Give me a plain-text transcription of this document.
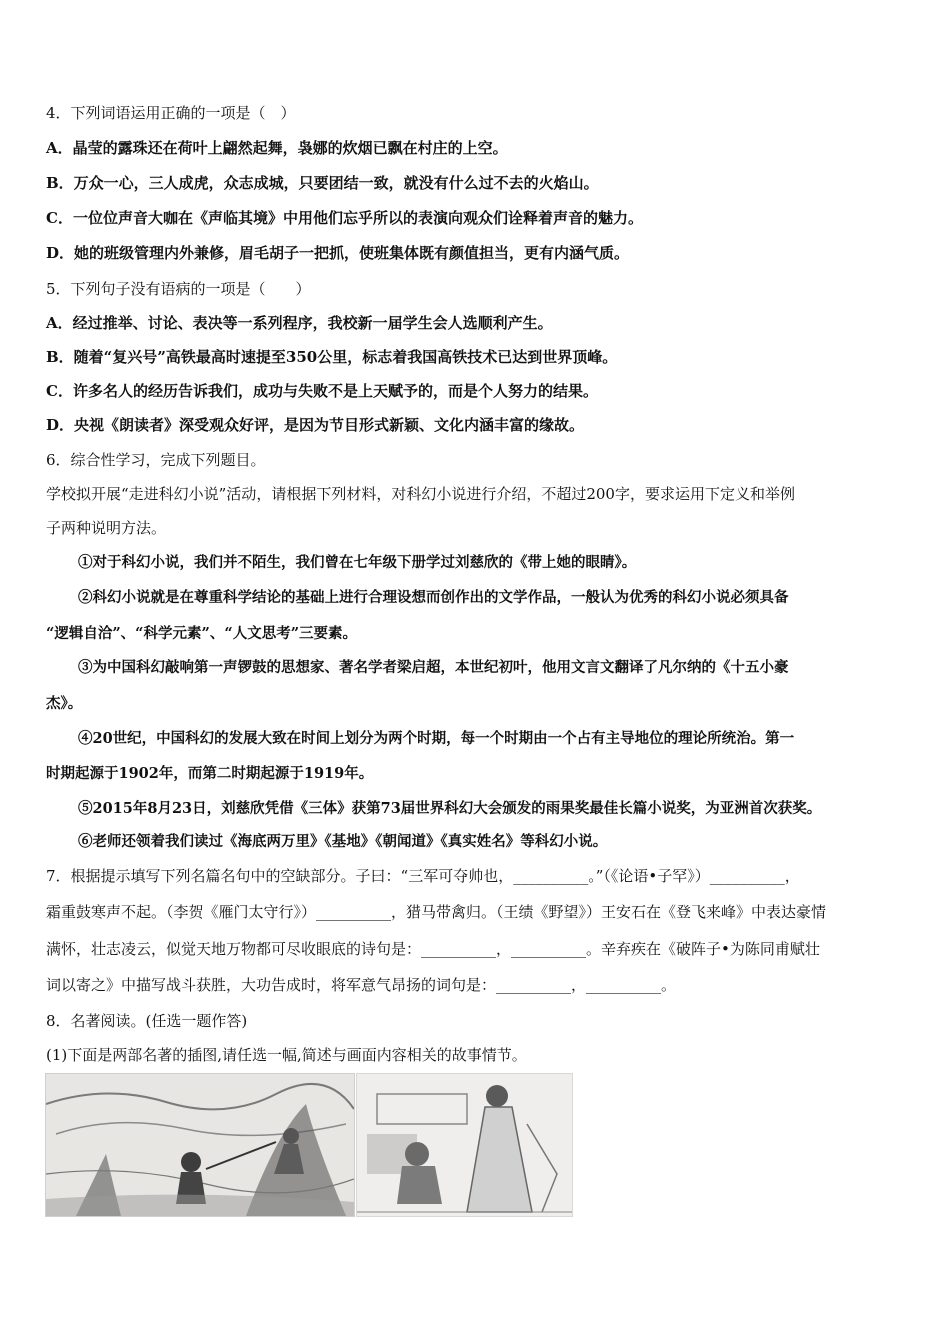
4．下列词语运用正确的一项是（　）
A．晶莹的露珠还在荷叶上翩然起舞，袅娜的炊烟已飘在村庄的上空。
B．万众一心，三人成虎，众志成城，只要团结一致，就没有什么过不去的火焰山。
C．一位位声音大咖在《声临其境》中用他们忘乎所以的表演向观众们诠释着声音的魅力。
D．她的班级管理内外兼修，眉毛胡子一把抓，使班集体既有颜值担当，更有内涵气质。
5．下列句子没有语病的一项是（　　）
A．经过推举、讨论、表决等一系列程序，我校新一届学生会人选顺利产生。
B．随着“复兴号”高铁最高时速提至350公里，标志着我国高铁技术已达到世界顶峰。
C．许多名人的经历告诉我们，成功与失败不是上天赋予的，而是个人努力的结果。
D．央视《朗读者》深受观众好评，是因为节目形式新颖、文化内涵丰富的缘故。
6．综合性学习，完成下列题目。
学校拟开展“走进科幻小说”活动，请根据下列材料，对科幻小说进行介绍，不超过200字，要求运用下定义和举例
子两种说明方法。
①对于科幻小说，我们并不陌生，我们曾在七年级下册学过刘慈欣的《带上她的眼睛》。
②科幻小说就是在尊重科学结论的基础上进行合理设想而创作出的文学作品，一般认为优秀的科幻小说必须具备
“逻辑自洽”、“科学元素”、“人文思考”三要素。
③为中国科幻敲响第一声锣鼓的思想家、著名学者梁启超，本世纪初叶，他用文言文翻译了凡尔纳的《十五小豪
杰》。
④20世纪，中国科幻的发展大致在时间上划分为两个时期，每一个时期由一个占有主导地位的理论所统治。第一
时期起源于1902年，而第二时期起源于1919年。
⑤2015年8月23日，刘慈欣凭借《三体》获第73届世界科幻大会颁发的雨果奖最佳长篇小说奖，为亚洲首次获奖。
⑥老师还领着我们读过《海底两万里》《基地》《朝闻道》《真实姓名》等科幻小说。
7．根据提示填写下列名篇名句中的空缺部分。子曰：“三军可夺帅也，__________。”（《论语•子罕》）__________，
霜重鼓寒声不起。（李贺《雁门太守行》）__________，猎马带禽归。（王绩《野望》）王安石在《登飞来峰》中表达豪情
满怀，壮志凌云，似觉天地万物都可尽收眼底的诗句是：__________，__________。辛弃疾在《破阵子•为陈同甫赋壮
词以寄之》中描写战斗获胜，大功告成时，将军意气昂扬的词句是：__________，__________。
8．名著阅读。(任选一题作答)
(1)下面是两部名著的插图,请任选一幅,简述与画面内容相关的故事情节。
